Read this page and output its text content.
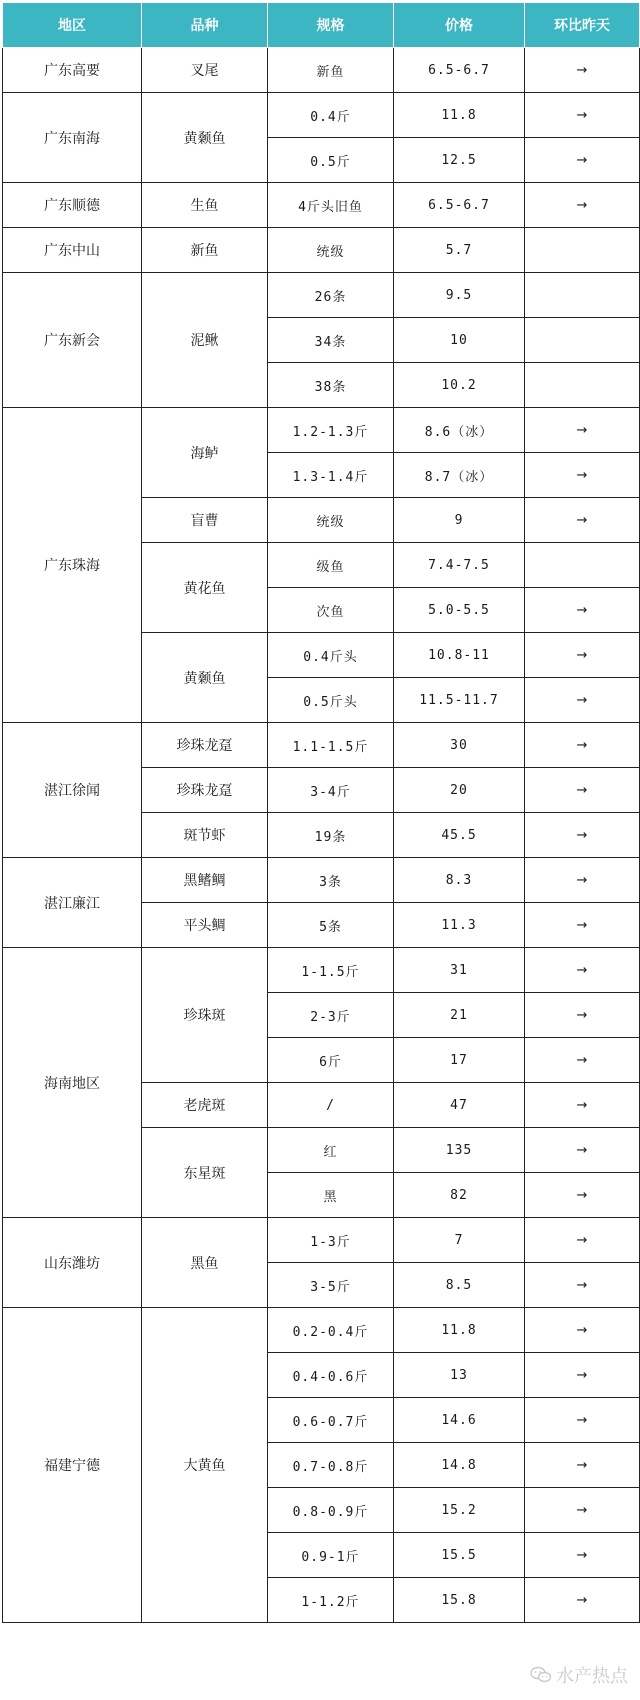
地区	品种	规格	价格	环比昨天
广东高要	叉尾	新鱼	6.5-6.7	→
广东南海	黄颡鱼	0.4斤	11.8	→
		0.5斤	12.5	→
广东顺德	生鱼	4斤头旧鱼	6.5-6.7	→
广东中山	新鱼	统级	5.7	
广东新会	泥鳅	26条	9.5	
		34条	10	
		38条	10.2	
广东珠海	海鲈	1.2-1.3斤	8.6（冰）	→
		1.3-1.4斤	8.7（冰）	→
	盲曹	统级	9	→
	黄花鱼	级鱼	7.4-7.5	
		次鱼	5.0-5.5	→
	黄颡鱼	0.4斤头	10.8-11	→
		0.5斤头	11.5-11.7	→
湛江徐闻	珍珠龙趸	1.1-1.5斤	30	→
	珍珠龙趸	3-4斤	20	→
	斑节虾	19条	45.5	→
湛江廉江	黑鳍鲷	3条	8.3	→
	平头鲷	5条	11.3	→
海南地区	珍珠斑	1-1.5斤	31	→
		2-3斤	21	→
		6斤	17	→
	老虎斑	/	47	→
	东星斑	红	135	→
		黑	82	→
山东潍坊	黑鱼	1-3斤	7	→
		3-5斤	8.5	→
福建宁德	大黄鱼	0.2-0.4斤	11.8	→
		0.4-0.6斤	13	→
		0.6-0.7斤	14.6	→
		0.7-0.8斤	14.8	→
		0.8-0.9斤	15.2	→
		0.9-1斤	15.5	→
		1-1.2斤	15.8	→
水产热点
